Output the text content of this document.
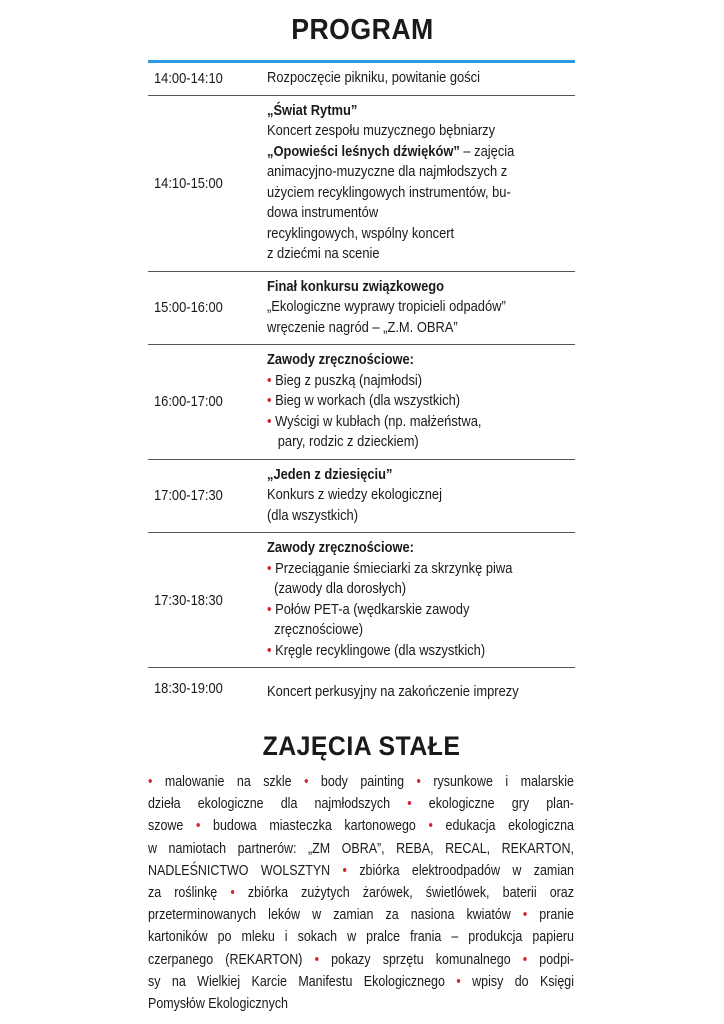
PROGRAM
14:00-14:10	Rozpoczęcie pikniku, powitanie gości
14:10-15:00
„Świat Rytmu”
Koncert zespołu muzycznego bębniarzy
„Opowieści leśnych dźwięków” – zajęcia
animacyjno-muzyczne dla najmłodszych z
użyciem recyklingowych instrumentów, bu-
dowa instrumentów
recyklingowych, wspólny koncert
z dziećmi na scenie
15:00-16:00
Finał konkursu związkowego
„Ekologiczne wyprawy tropicieli odpadów”
wręczenie nagród – „Z.M. OBRA”
16:00-17:00
Zawody zręcznościowe:
• Bieg z puszką (najmłodsi)
• Bieg w workach (dla wszystkich)
• Wyścigi w kubłach (np. małżeństwa,
pary, rodzic z dzieckiem)
17:00-17:30
„Jeden z dziesięciu”
Konkurs z wiedzy ekologicznej
(dla wszystkich)
17:30-18:30
Zawody zręcznościowe:
• Przeciąganie śmieciarki za skrzynkę piwa
(zawody dla dorosłych)
• Połów PET-a (wędkarskie zawody
zręcznościowe)
• Kręgle recyklingowe (dla wszystkich)
18:30-19:00	Koncert perkusyjny na zakończenie imprezy
ZAJĘCIA STAŁE
• malowanie na szkle • body painting • rysunkowe i malarskie
dzieła ekologiczne dla najmłodszych • ekologiczne gry plan-
szowe • budowa miasteczka kartonowego • edukacja ekologiczna
w namiotach partnerów: „ZM OBRA”, REBA, RECAL, REKARTON,
NADLEŚNICTWO WOLSZTYN • zbiórka elektroodpadów w zamian
za roślinkę • zbiórka zużytych żarówek, świetlówek, baterii oraz
przeterminowanych leków w zamian za nasiona kwiatów • pranie
kartoników po mleku i sokach w pralce frania – produkcja papieru
czerpanego (REKARTON) • pokazy sprzętu komunalnego • podpi-
sy na Wielkiej Karcie Manifestu Ekologicznego • wpisy do Księgi
Pomysłów Ekologicznych
